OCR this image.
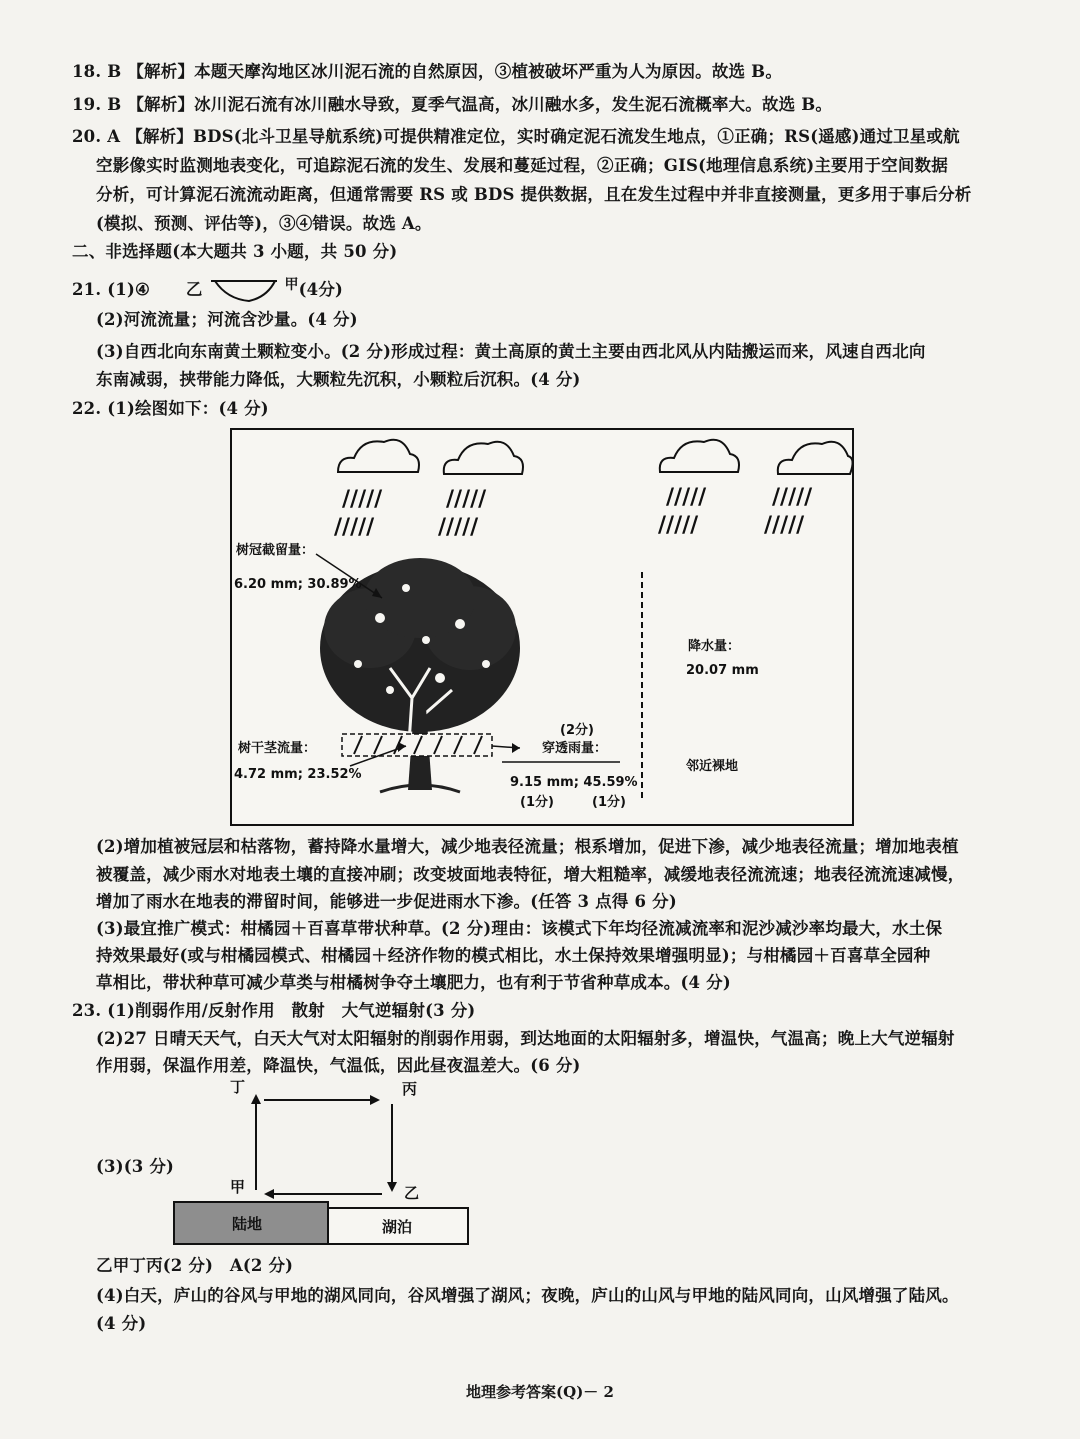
18. B 【解析】本题天摩沟地区冰川泥石流的自然原因，③植被破坏严重为人为原因。故选 B。
19. B 【解析】冰川泥石流有冰川融水导致，夏季气温高，冰川融水多，发生泥石流概率大。故选 B。
20. A 【解析】BDS(北斗卫星导航系统)可提供精准定位，实时确定泥石流发生地点，①正确；RS(遥感)通过卫星或航
空影像实时监测地表变化，可追踪泥石流的发生、发展和蔓延过程，②正确；GIS(地理信息系统)主要用于空间数据
分析，可计算泥石流流动距离，但通常需要 RS 或 BDS 提供数据，且在发生过程中并非直接测量，更多用于事后分析
(模拟、预测、评估等)，③④错误。故选 A。
二、非选择题(本大题共 3 小题，共 50 分)
21. (1)④ 乙	$^甲$(4分)
(2)河流流量；河流含沙量。(4 分)
(3)自西北向东南黄土颗粒变小。(2 分)形成过程：黄土高原的黄土主要由西北风从内陆搬运而来，风速自西北向
东南减弱，挟带能力降低，大颗粒先沉积，小颗粒后沉积。(4 分)
22. (1)绘图如下：(4 分)
/////
/////
/////
/////
/////
/////
/////
/////
树冠截留量：
6.20 mm; 30.89%
降水量：
20.07 mm
树干茎流量：
4.72 mm; 23.52%
(2分)
穿透雨量：
9.15 mm; 45.59%
(1分)	(1分)
邻近裸地
(2)增加植被冠层和枯落物，蓄持降水量增大，减少地表径流量；根系增加，促进下渗，减少地表径流量；增加地表植
被覆盖，减少雨水对地表土壤的直接冲刷；改变坡面地表特征，增大粗糙率，减缓地表径流流速；地表径流流速减慢，
增加了雨水在地表的滞留时间，能够进一步促进雨水下渗。(任答 3 点得 6 分)
(3)最宜推广模式：柑橘园＋百喜草带状种草。(2 分)理由：该模式下年均径流减流率和泥沙减沙率均最大，水土保
持效果最好(或与柑橘园模式、柑橘园＋经济作物的模式相比，水土保持效果增强明显)；与柑橘园＋百喜草全园种
草相比，带状种草可减少草类与柑橘树争夺土壤肥力，也有利于节省种草成本。(4 分)
23. (1)削弱作用/反射作用　散射　大气逆辐射(3 分)
(2)27 日晴天天气，白天大气对太阳辐射的削弱作用弱，到达地面的太阳辐射多，增温快，气温高；晚上大气逆辐射
作用弱，保温作用差，降温快，气温低，因此昼夜温差大。(6 分)
(3)(3 分)
丁	丙
甲	乙
陆地	湖泊
乙甲丁丙(2 分)　A(2 分)
(4)白天，庐山的谷风与甲地的湖风同向，谷风增强了湖风；夜晚，庐山的山风与甲地的陆风同向，山风增强了陆风。
(4 分)
地理参考答案(Q)－ 2
